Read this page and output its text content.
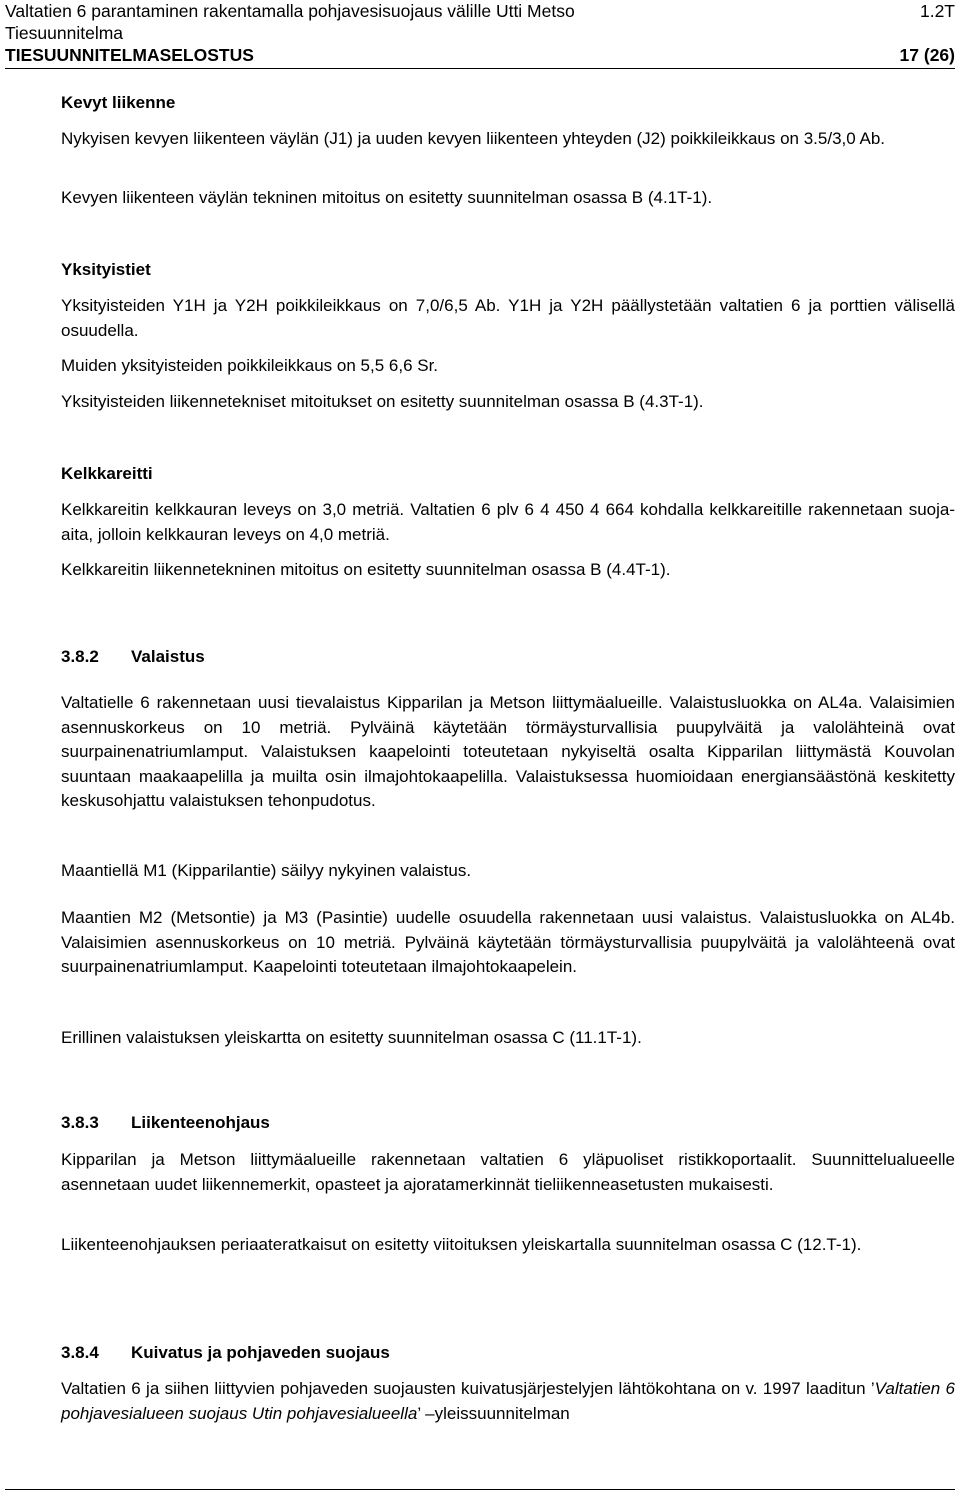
Valtatien 6 parantaminen rakentamalla pohjavesisuojaus välille Utti Metso	1.2T
Tiesuunnitelma
TIESUUNNITELMASELOSTUS	17 (26)

Kevyt liikenne

Nykyisen kevyen liikenteen väylän (J1) ja uuden kevyen liikenteen yhteyden (J2) poikkileikkaus on 3.5/3,0 Ab.

Kevyen liikenteen väylän tekninen mitoitus on esitetty suunnitelman osassa B (4.1T-1).

Yksityistiet

Yksityisteiden Y1H ja Y2H poikkileikkaus on 7,0/6,5 Ab. Y1H ja Y2H päällystetään valtatien 6 ja porttien välisellä osuudella.

Muiden yksityisteiden poikkileikkaus on 5,5 6,6 Sr.

Yksityisteiden liikennetekniset mitoitukset on esitetty suunnitelman osassa B (4.3T-1).

Kelkkareitti

Kelkkareitin kelkkauran leveys on 3,0 metriä. Valtatien 6 plv 6 4 450 4 664 kohdalla kelkkareitille rakennetaan suoja-aita, jolloin kelkkauran leveys on 4,0 metriä.

Kelkkareitin liikennetekninen mitoitus on esitetty suunnitelman osassa B (4.4T-1).

3.8.2 Valaistus

Valtatielle 6 rakennetaan uusi tievalaistus Kipparilan ja Metson liittymäalueille. Valaistusluokka on AL4a. Valaisimien asennuskorkeus on 10 metriä. Pylväinä käytetään törmäysturvallisia puupylväitä ja valolähteinä ovat suurpainenatriumlamput. Valaistuksen kaapelointi toteutetaan nykyiseltä osalta Kipparilan liittymästä Kouvolan suuntaan maakaapelilla ja muilta osin ilmajohtokaapelilla. Valaistuksessa huomioidaan energiansäästönä keskitetty keskusohjattu valaistuksen tehonpudotus.

Maantiellä M1 (Kipparilantie) säilyy nykyinen valaistus.

Maantien M2 (Metsontie) ja M3 (Pasintie) uudelle osuudella rakennetaan uusi valaistus. Valaistusluokka on AL4b. Valaisimien asennuskorkeus on 10 metriä. Pylväinä käytetään törmäysturvallisia puupylväitä ja valolähteenä ovat suurpainenatriumlamput. Kaapelointi toteutetaan ilmajohtokaapelein.

Erillinen valaistuksen yleiskartta on esitetty suunnitelman osassa C (11.1T-1).

3.8.3 Liikenteenohjaus

Kipparilan ja Metson liittymäalueille rakennetaan valtatien 6 yläpuoliset ristikkoportaalit. Suunnittelualueelle asennetaan uudet liikennemerkit, opasteet ja ajoratamerkinnät tieliikenneasetusten mukaisesti.

Liikenteenohjauksen periaateratkaisut on esitetty viitoituksen yleiskartalla suunnitelman osassa C (12.T-1).

3.8.4 Kuivatus ja pohjaveden suojaus

Valtatien 6 ja siihen liittyvien pohjaveden suojausten kuivatusjärjestelyjen lähtökohtana on v. 1997 laaditun ’Valtatien 6 pohjavesialueen suojaus Utin pohjavesialueella’ –yleissuunnitelman
